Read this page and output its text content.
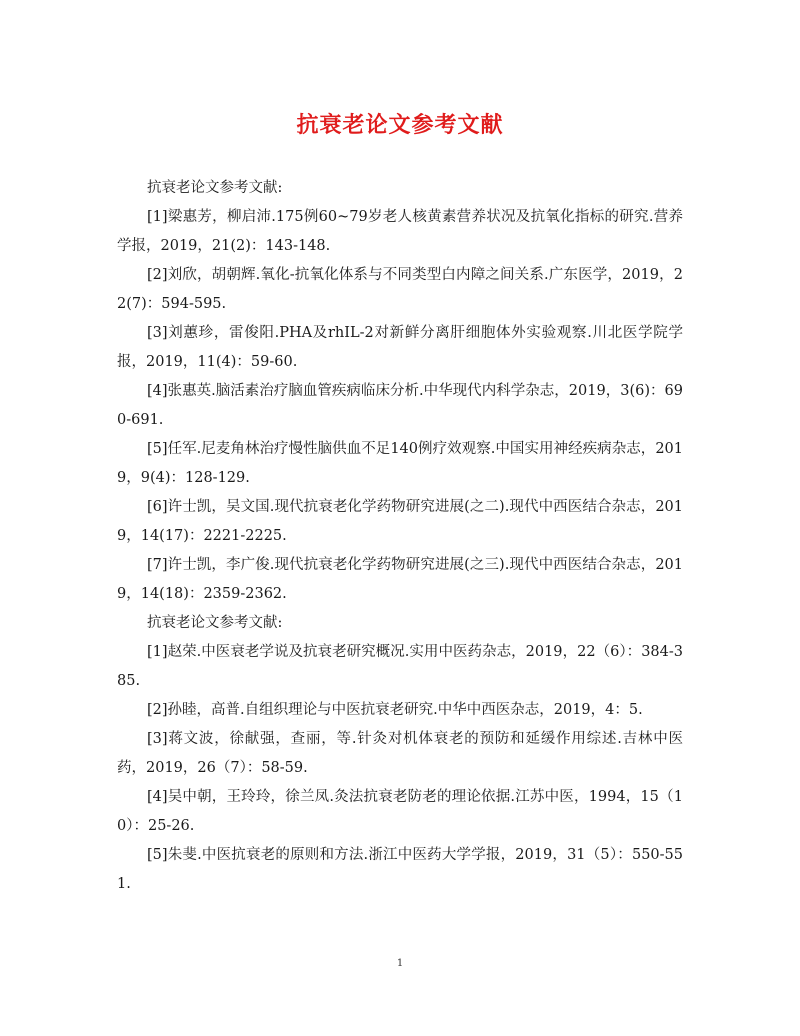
抗衰老论文参考文献

抗衰老论文参考文献:

[1]梁惠芳，柳启沛.175例60~79岁老人核黄素营养状况及抗氧化指标的研究.营养学报，2019，21(2)：143-148.

[2]刘欣，胡朝辉.氧化-抗氧化体系与不同类型白内障之间关系.广东医学，2019，22(7)：594-595.

[3]刘蕙珍，雷俊阳.PHA及rhIL-2对新鲜分离肝细胞体外实验观察.川北医学院学报，2019，11(4)：59-60.

[4]张惠英.脑活素治疗脑血管疾病临床分析.中华现代内科学杂志，2019，3(6)：690-691.

[5]任军.尼麦角林治疗慢性脑供血不足140例疗效观察.中国实用神经疾病杂志，2019，9(4)：128-129.

[6]许士凯，吴文国.现代抗衰老化学药物研究进展(之二).现代中西医结合杂志，2019，14(17)：2221-2225.

[7]许士凯，李广俊.现代抗衰老化学药物研究进展(之三).现代中西医结合杂志，2019，14(18)：2359-2362.

抗衰老论文参考文献:

[1]赵荣.中医衰老学说及抗衰老研究概况.实用中医药杂志，2019，22（6）：384-385.

[2]孙睦，高普.自组织理论与中医抗衰老研究.中华中西医杂志，2019，4：5.

[3]蒋文波，徐献强，查丽，等.针灸对机体衰老的预防和延缓作用综述.吉林中医药，2019，26（7）：58-59.

[4]吴中朝，王玲玲，徐兰凤.灸法抗衰老防老的理论依据.江苏中医，1994，15（10）：25-26.

[5]朱斐.中医抗衰老的原则和方法.浙江中医药大学学报，2019，31（5）：550-551.

1
